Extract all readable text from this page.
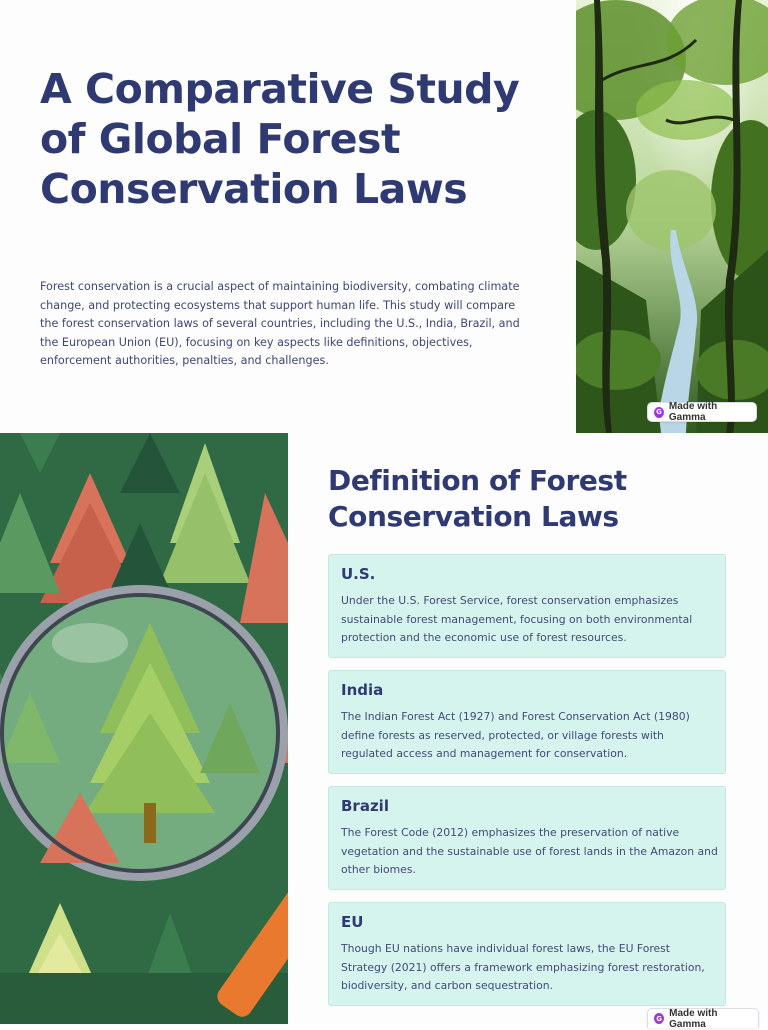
A Comparative Study of Global Forest Conservation Laws

Forest conservation is a crucial aspect of maintaining biodiversity, combating climate change, and protecting ecosystems that support human life. This study will compare the forest conservation laws of several countries, including the U.S., India, Brazil, and the European Union (EU), focusing on key aspects like definitions, objectives, enforcement authorities, penalties, and challenges.

G Made with Gamma
Definition of Forest Conservation Laws
U.S.

Under the U.S. Forest Service, forest conservation emphasizes sustainable forest management, focusing on both environmental protection and the economic use of forest resources.

India

The Indian Forest Act (1927) and Forest Conservation Act (1980) define forests as reserved, protected, or village forests with regulated access and management for conservation.

Brazil

The Forest Code (2012) emphasizes the preservation of native vegetation and the sustainable use of forest lands in the Amazon and other biomes.

EU

Though EU nations have individual forest laws, the EU Forest Strategy (2021) offers a framework emphasizing forest restoration, biodiversity, and carbon sequestration.

G Made with Gamma
